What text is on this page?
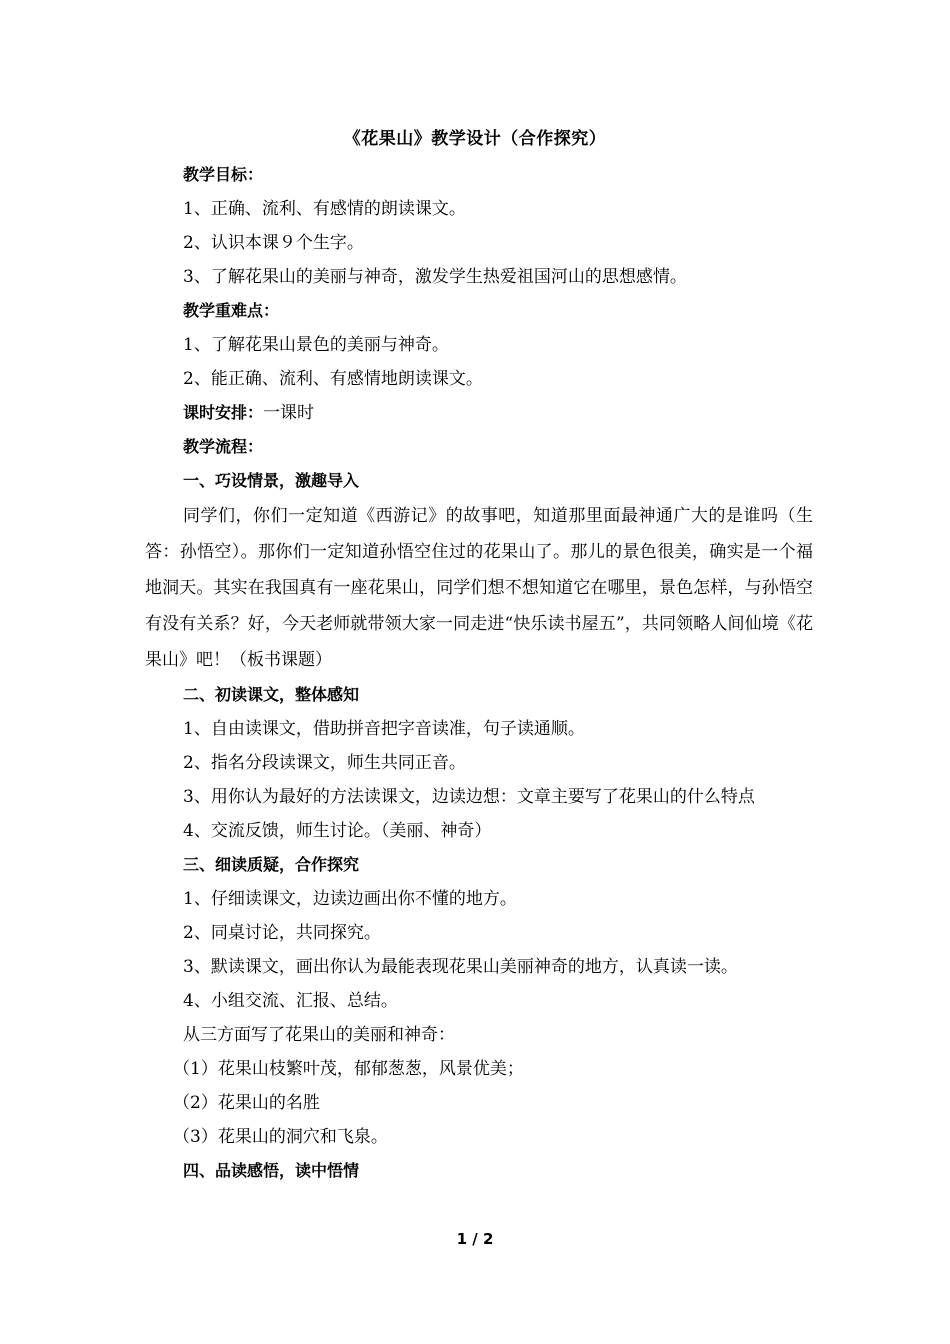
《花果山》教学设计（合作探究）
教学目标：
1、正确、流利、有感情的朗读课文。
2、认识本课９个生字。
3、了解花果山的美丽与神奇，激发学生热爱祖国河山的思想感情。
教学重难点：
1、了解花果山景色的美丽与神奇。
2、能正确、流利、有感情地朗读课文。
课时安排：一课时
教学流程：
一、巧设情景，激趣导入
同学们，你们一定知道《西游记》的故事吧，知道那里面最神通广大的是谁吗（生答：孙悟空）。那你们一定知道孙悟空住过的花果山了。那儿的景色很美，确实是一个福地洞天。其实在我国真有一座花果山，同学们想不想知道它在哪里，景色怎样，与孙悟空有没有关系？好，今天老师就带领大家一同走进“快乐读书屋五”，共同领略人间仙境《花果山》吧！（板书课题）
二、初读课文，整体感知
1、自由读课文，借助拼音把字音读准，句子读通顺。
2、指名分段读课文，师生共同正音。
3、用你认为最好的方法读课文，边读边想：文章主要写了花果山的什么特点
4、交流反馈，师生讨论。（美丽、神奇）
三、细读质疑，合作探究
1、仔细读课文，边读边画出你不懂的地方。
2、同桌讨论，共同探究。
3、默读课文，画出你认为最能表现花果山美丽神奇的地方，认真读一读。
4、小组交流、汇报、总结。
从三方面写了花果山的美丽和神奇：
（1）花果山枝繁叶茂，郁郁葱葱，风景优美；
（2）花果山的名胜
（3）花果山的洞穴和飞泉。
四、品读感悟，读中悟情
1 / 2
